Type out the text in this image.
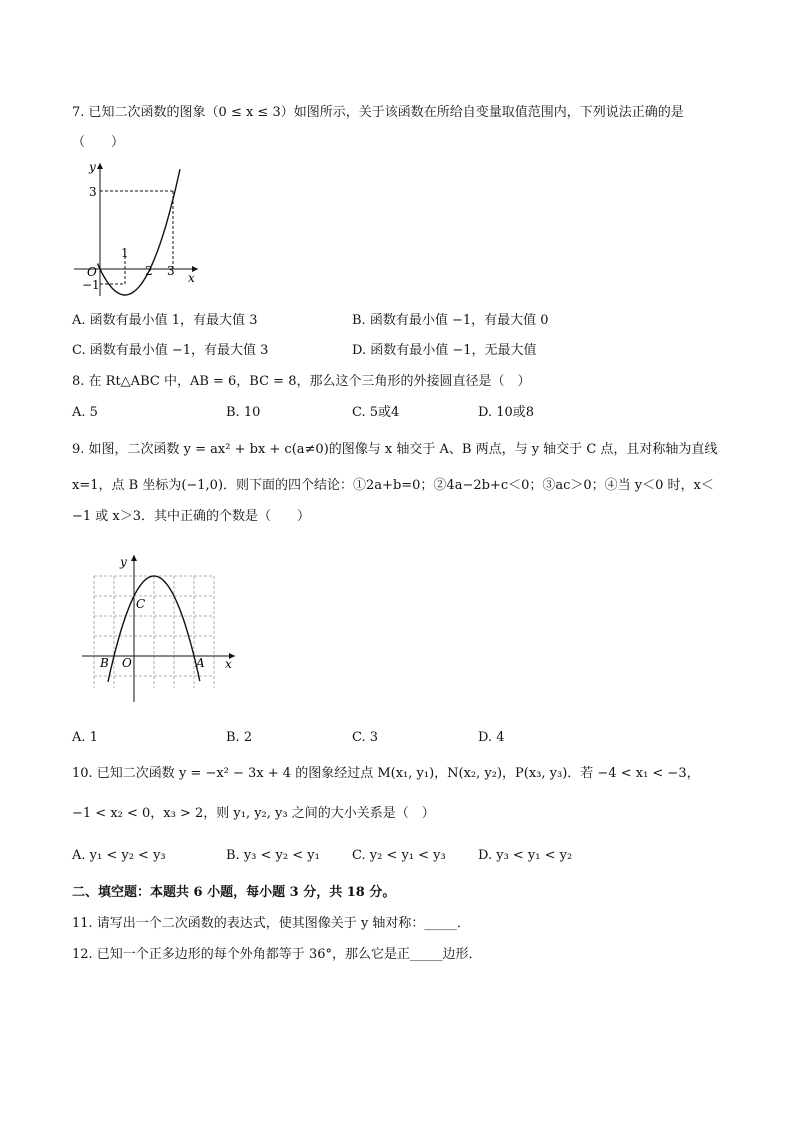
7. 已知二次函数的图象（0 ≤ x ≤ 3）如图所示，关于该函数在所给自变量取值范围内，下列说法正确的是
（　　）
y
x
O
3
−1
1
2 3
A. 函数有最小值 1，有最大值 3	B. 函数有最小值 −1，有最大值 0
C. 函数有最小值 −1，有最大值 3	D. 函数有最小值 −1，无最大值
8. 在 Rt△ABC 中，AB = 6，BC = 8，那么这个三角形的外接圆直径是（　）
A. 5	B. 10	C. 5或4	D. 10或8
9. 如图，二次函数 y = ax² + bx + c(a≠0)的图像与 x 轴交于 A、B 两点，与 y 轴交于 C 点，且对称轴为直线
x=1，点 B 坐标为(−1,0)．则下面的四个结论：①2a+b=0；②4a−2b+c＜0；③ac＞0；④当 y＜0 时，x＜
−1 或 x＞3．其中正确的个数是（　　）
y
x
O
B	A
C
A. 1	B. 2	C. 3	D. 4
10. 已知二次函数 y = −x² − 3x + 4 的图象经过点 M(x₁, y₁)，N(x₂, y₂)，P(x₃, y₃)．若 −4 < x₁ < −3，
−1 < x₂ < 0，x₃ > 2，则 y₁, y₂, y₃ 之间的大小关系是（　）
A. y₁ < y₂ < y₃	B. y₃ < y₂ < y₁ C. y₂ < y₁ < y₃ D. y₃ < y₁ < y₂
二、填空题：本题共 6 小题，每小题 3 分，共 18 分。
11. 请写出一个二次函数的表达式，使其图像关于 y 轴对称：_____．
12. 已知一个正多边形的每个外角都等于 36°，那么它是正_____边形．
